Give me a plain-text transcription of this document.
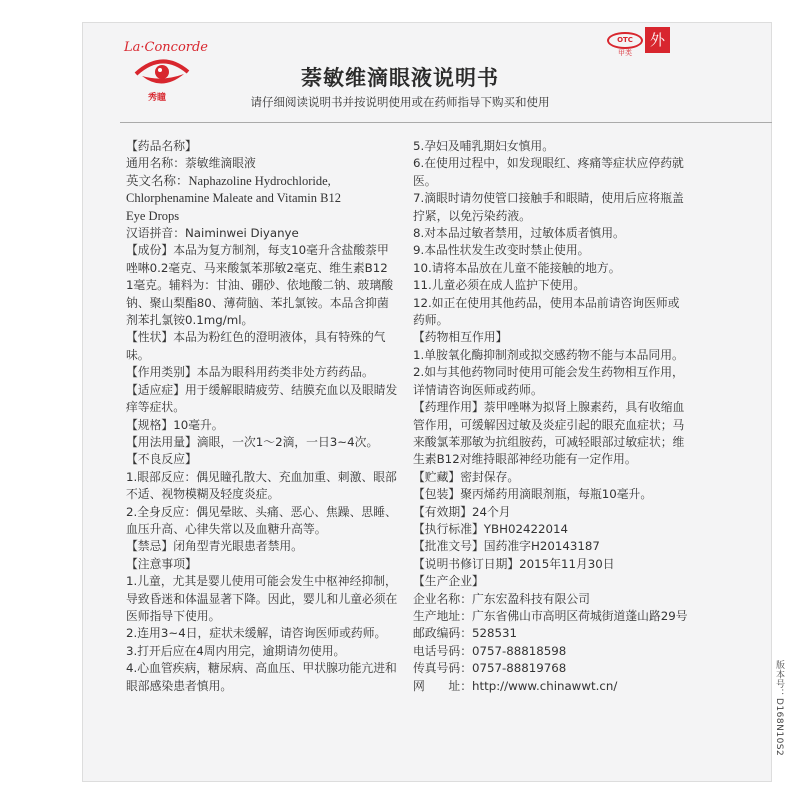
La·Concorde
秀瞳
OTC
甲类
外
萘敏维滴眼液说明书
请仔细阅读说明书并按说明使用或在药师指导下购买和使用

【药品名称】

通用名称：萘敏维滴眼液

英文名称：Naphazoline Hydrochloride,

Chlorphenamine Maleate and Vitamin B12

Eye Drops

汉语拼音：Naiminwei Diyanye

【成份】本品为复方制剂，每支10毫升含盐酸萘甲唑啉0.2毫克、马来酸氯苯那敏2毫克、维生素B12 1毫克。辅料为：甘油、硼砂、依地酸二钠、玻璃酸钠、聚山梨酯80、薄荷脑、苯扎氯铵。本品含抑菌剂苯扎氯铵0.1mg/ml。

【性状】本品为粉红色的澄明液体，具有特殊的气味。

【作用类别】本品为眼科用药类非处方药药品。

【适应症】用于缓解眼睛疲劳、结膜充血以及眼睛发痒等症状。

【规格】10毫升。

【用法用量】滴眼，一次1～2滴，一日3~4次。

【不良反应】

1.眼部反应：偶见瞳孔散大、充血加重、刺激、眼部不适、视物模糊及轻度炎症。

2.全身反应：偶见晕眩、头痛、恶心、焦躁、思睡、血压升高、心律失常以及血糖升高等。

【禁忌】闭角型青光眼患者禁用。

【注意事项】

1.儿童，尤其是婴儿使用可能会发生中枢神经抑制，导致昏迷和体温显著下降。因此，婴儿和儿童必须在医师指导下使用。

2.连用3~4日，症状未缓解，请咨询医师或药师。

3.打开后应在4周内用完，逾期请勿使用。

4.心血管疾病，糖尿病、高血压、甲状腺功能亢进和眼部感染患者慎用。

5.孕妇及哺乳期妇女慎用。

6.在使用过程中，如发现眼红、疼痛等症状应停药就医。

7.滴眼时请勿使管口接触手和眼睛，使用后应将瓶盖拧紧，以免污染药液。

8.对本品过敏者禁用，过敏体质者慎用。

9.本品性状发生改变时禁止使用。

10.请将本品放在儿童不能接触的地方。

11.儿童必须在成人监护下使用。

12.如正在使用其他药品，使用本品前请咨询医师或药师。

【药物相互作用】

1.单胺氧化酶抑制剂或拟交感药物不能与本品同用。

2.如与其他药物同时使用可能会发生药物相互作用，详情请咨询医师或药师。

【药理作用】萘甲唑啉为拟肾上腺素药，具有收缩血管作用，可缓解因过敏及炎症引起的眼充血症状；马来酸氯苯那敏为抗组胺药，可减轻眼部过敏症状；维生素B12对维持眼部神经功能有一定作用。

【贮藏】密封保存。

【包装】聚丙烯药用滴眼剂瓶，每瓶10毫升。

【有效期】24个月

【执行标准】YBH02422014

【批准文号】国药准字H20143187

【说明书修订日期】2015年11月30日

【生产企业】

企业名称：广东宏盈科技有限公司

生产地址：广东省佛山市高明区荷城街道蓬山路29号

邮政编码：528531

电话号码：0757-88818598

传真号码：0757-88819768

网　　址：http://www.chinawwt.cn/	版本号：D168N10S2
